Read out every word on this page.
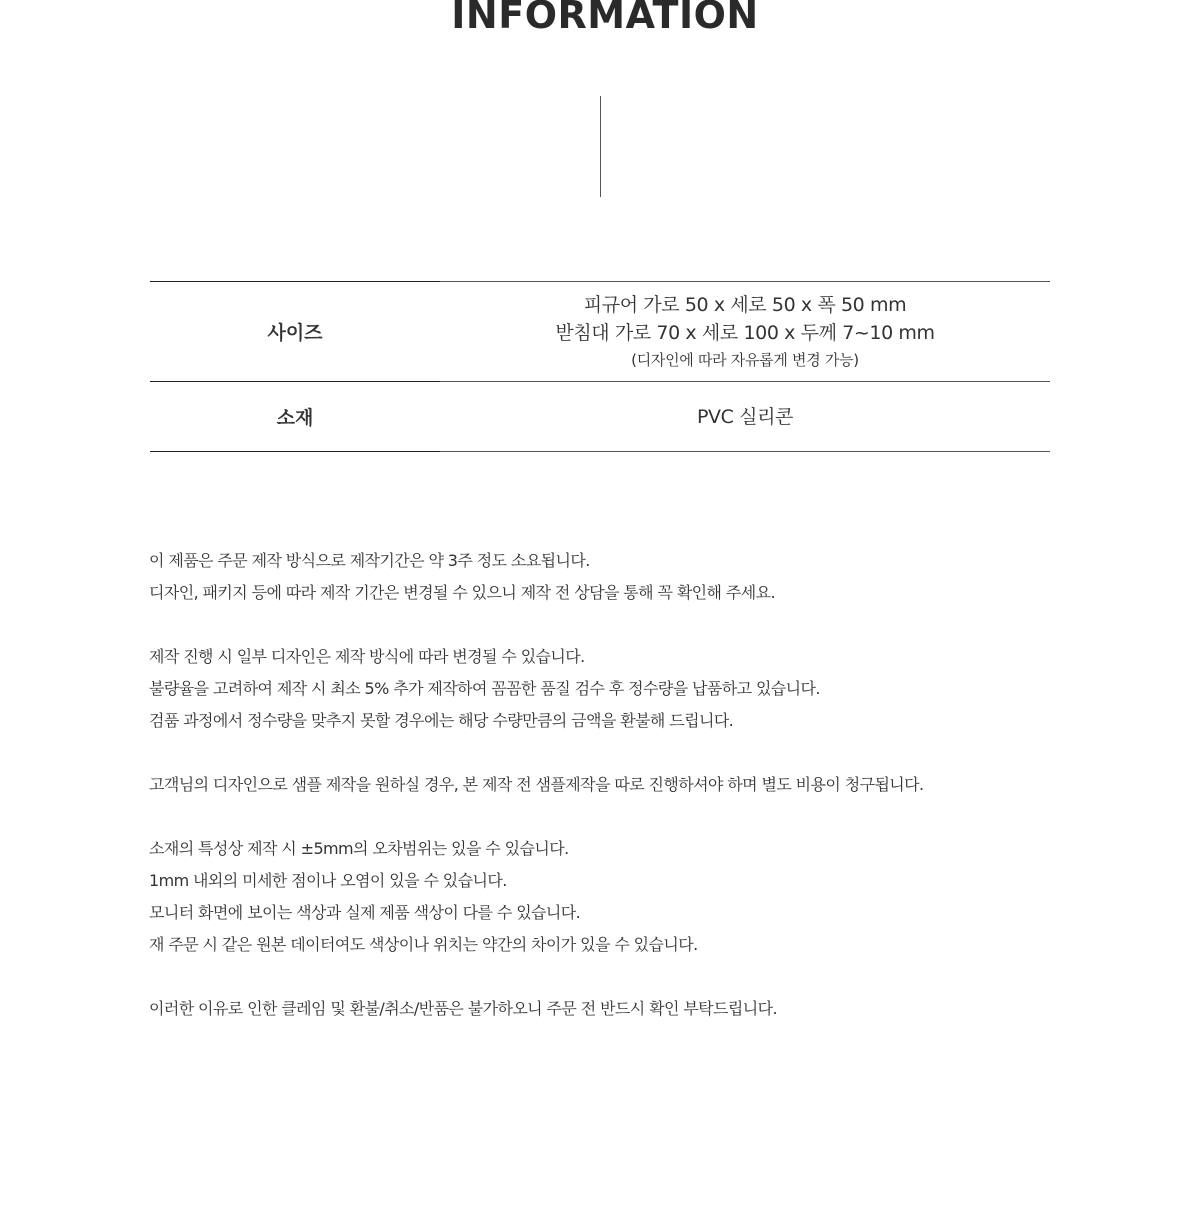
INFORMATION
사이즈
피규어 가로 50 x 세로 50 x 폭 50 mm
받침대 가로 70 x 세로 100 x 두께 7~10 mm
(디자인에 따라 자유롭게 변경 가능)
소재	PVC 실리콘
이 제품은 주문 제작 방식으로 제작기간은 약 3주 정도 소요됩니다.
디자인, 패키지 등에 따라 제작 기간은 변경될 수 있으니 제작 전 상담을 통해 꼭 확인해 주세요.
제작 진행 시 일부 디자인은 제작 방식에 따라 변경될 수 있습니다.
불량율을 고려하여 제작 시 최소 5% 추가 제작하여 꼼꼼한 품질 검수 후 정수량을 납품하고 있습니다.
검품 과정에서 정수량을 맞추지 못할 경우에는 해당 수량만큼의 금액을 환불해 드립니다.
고객님의 디자인으로 샘플 제작을 원하실 경우, 본 제작 전 샘플제작을 따로 진행하셔야 하며 별도 비용이 청구됩니다.
소재의 특성상 제작 시 ±5mm의 오차범위는 있을 수 있습니다.
1mm 내외의 미세한 점이나 오염이 있을 수 있습니다.
모니터 화면에 보이는 색상과 실제 제품 색상이 다를 수 있습니다.
재 주문 시 같은 원본 데이터여도 색상이나 위치는 약간의 차이가 있을 수 있습니다.
이러한 이유로 인한 클레임 및 환불/취소/반품은 불가하오니 주문 전 반드시 확인 부탁드립니다.
